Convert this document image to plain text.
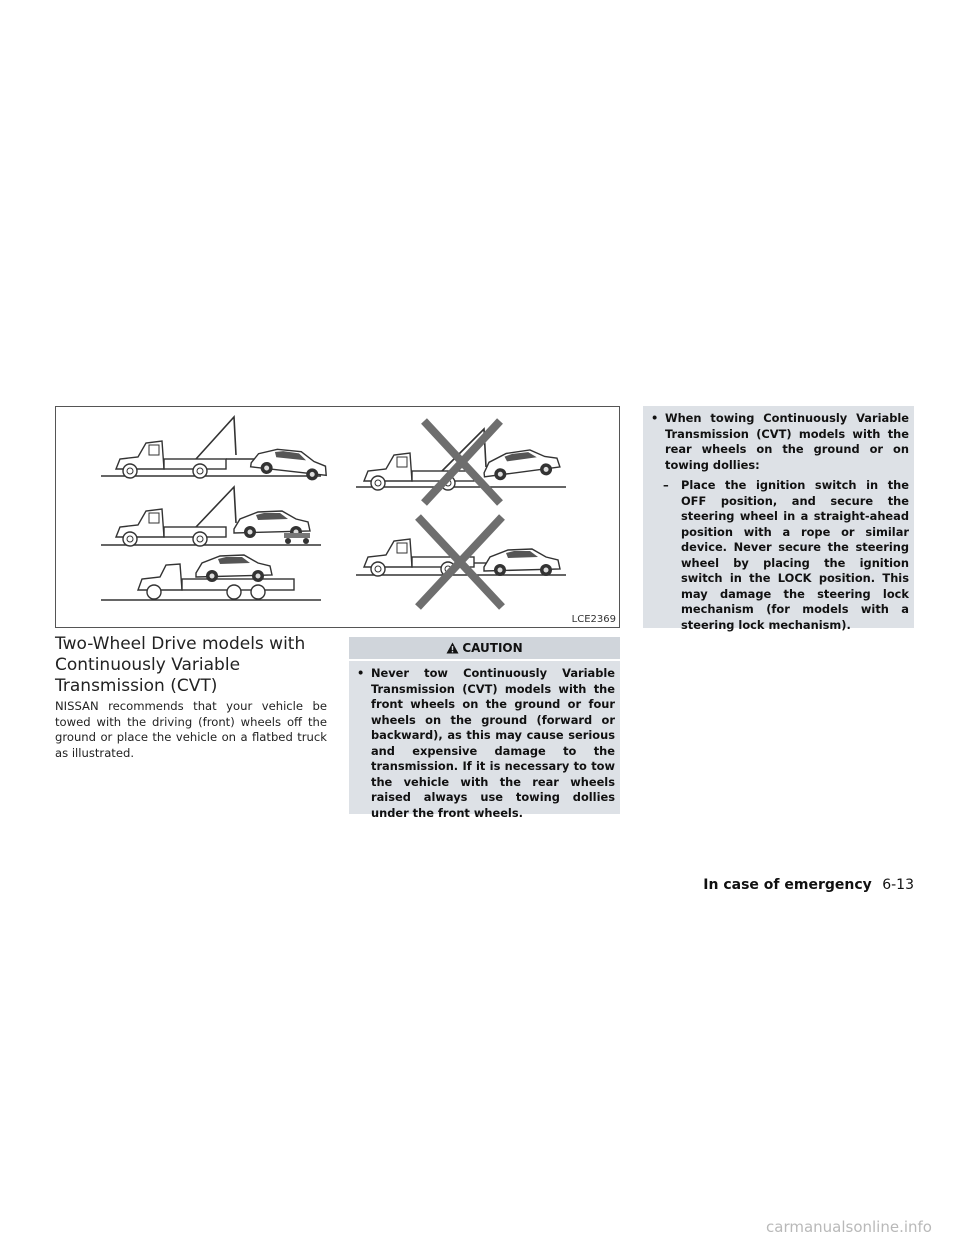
LCE2369
Two-Wheel Drive models with Continuously Variable Transmission (CVT)

NISSAN recommends that your vehicle be towed with the driving (front) wheels off the ground or place the vehicle on a flatbed truck as illustrated.

CAUTION
• Never tow Continuously Variable Transmission (CVT) models with the front wheels on the ground or four wheels on the ground (forward or backward), as this may cause serious and expensive damage to the transmission. If it is necessary to tow the vehicle with the rear wheels raised always use towing dollies under the front wheels.
• When towing Continuously Variable Transmission (CVT) models with the rear wheels on the ground or on towing dollies:
–	Place the ignition switch in the OFF position, and secure the steering wheel in a straight-ahead position with a rope or similar device. Never secure the steering wheel by placing the ignition switch in the LOCK position. This may damage the steering lock mechanism (for models with a steering lock mechanism).
In case of emergency 6-13
carmanualsonline.info
